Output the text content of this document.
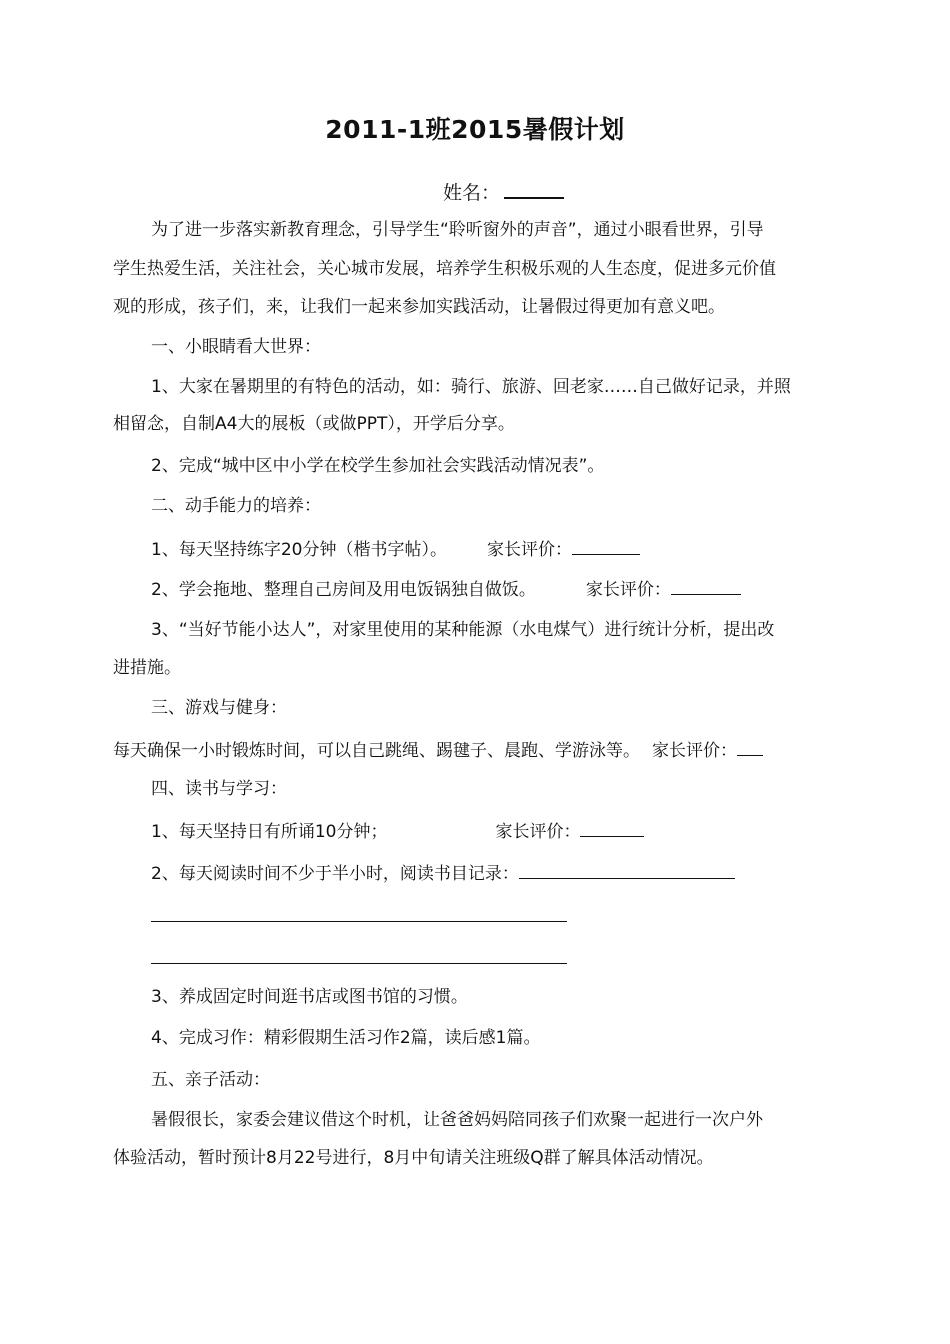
2011-1班2015暑假计划
姓名：
为了进一步落实新教育理念，引导学生“聆听窗外的声音”，通过小眼看世界，引导
学生热爱生活，关注社会，关心城市发展，培养学生积极乐观的人生态度，促进多元价值
观的形成，孩子们，来，让我们一起来参加实践活动，让暑假过得更加有意义吧。
一、小眼睛看大世界：
1、大家在暑期里的有特色的活动，如：骑行、旅游、回老家……自己做好记录，并照
相留念，自制A4大的展板（或做PPT），开学后分享。
2、完成“城中区中小学在校学生参加社会实践活动情况表”。
二、动手能力的培养：
1、每天坚持练字20分钟（楷书字帖）。 家长评价：
2、学会拖地、整理自己房间及用电饭锅独自做饭。	家长评价：
3、“当好节能小达人”，对家里使用的某种能源（水电煤气）进行统计分析，提出改
进措施。
三、游戏与健身：
每天确保一小时锻炼时间，可以自己跳绳、踢毽子、晨跑、学游泳等。 家长评价：
四、读书与学习：
1、每天坚持日有所诵10分钟；	家长评价：
2、每天阅读时间不少于半小时，阅读书目记录：
3、养成固定时间逛书店或图书馆的习惯。
4、完成习作：精彩假期生活习作2篇，读后感1篇。
五、亲子活动：
暑假很长，家委会建议借这个时机，让爸爸妈妈陪同孩子们欢聚一起进行一次户外
体验活动，暂时预计8月22号进行，8月中旬请关注班级Q群了解具体活动情况。
